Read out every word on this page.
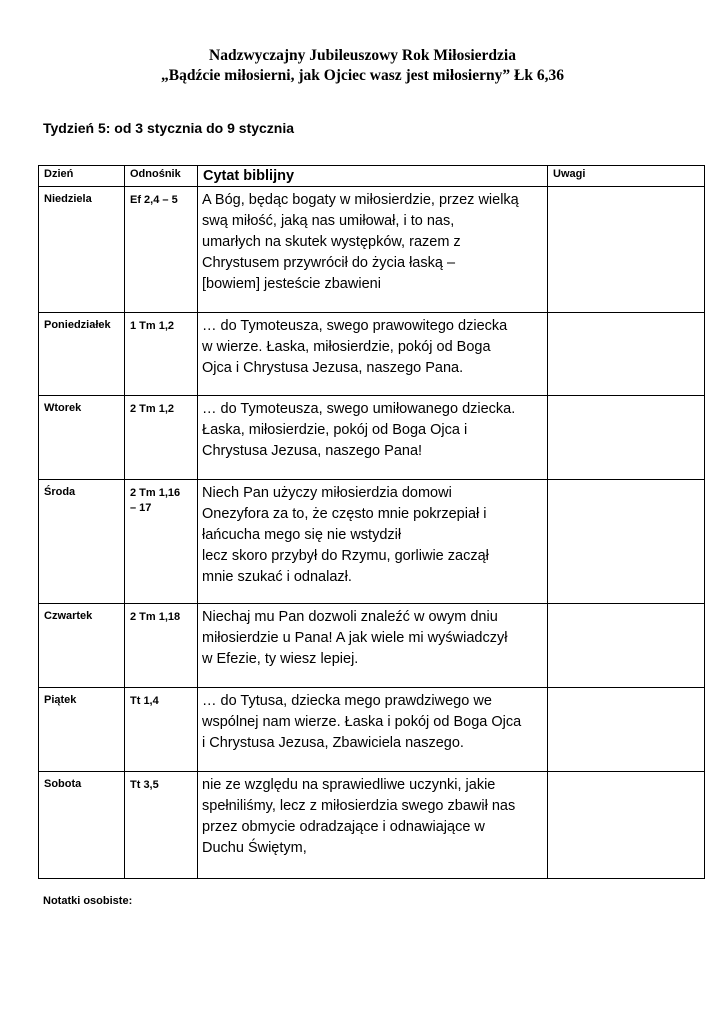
Nadzwyczajny Jubileuszowy Rok Miłosierdzia
„Bądźcie miłosierni, jak Ojciec wasz jest miłosierny” Łk 6,36
Tydzień 5: od 3 stycznia do 9 stycznia
Dzień	Odnośnik	Cytat biblijny	Uwagi
Niedziela	Ef 2,4 – 5	A Bóg, będąc bogaty w miłosierdzie, przez wielką
swą miłość, jaką nas umiłował, i to nas,
umarłych na skutek występków, razem z
Chrystusem przywrócił do życia łaską –
[bowiem] jesteście zbawieni	
Poniedziałek	1 Tm 1,2	… do Tymoteusza, swego prawowitego dziecka
w wierze. Łaska, miłosierdzie, pokój od Boga
Ojca i Chrystusa Jezusa, naszego Pana.	
Wtorek	2 Tm 1,2	… do Tymoteusza, swego umiłowanego dziecka.
Łaska, miłosierdzie, pokój od Boga Ojca i
Chrystusa Jezusa, naszego Pana!	
Środa	2 Tm 1,16
– 17	Niech Pan użyczy miłosierdzia domowi
Onezyfora za to, że często mnie pokrzepiał i
łańcucha mego się nie wstydził
lecz skoro przybył do Rzymu, gorliwie zaczął
mnie szukać i odnalazł.	
Czwartek	2 Tm 1,18	Niechaj mu Pan dozwoli znaleźć w owym dniu
miłosierdzie u Pana! A jak wiele mi wyświadczył
w Efezie, ty wiesz lepiej.	
Piątek	Tt 1,4	… do Tytusa, dziecka mego prawdziwego we
wspólnej nam wierze. Łaska i pokój od Boga Ojca
i Chrystusa Jezusa, Zbawiciela naszego.	
Sobota	Tt 3,5	nie ze względu na sprawiedliwe uczynki, jakie
spełniliśmy, lecz z miłosierdzia swego zbawił nas
przez obmycie odradzające i odnawiające w
Duchu Świętym,	
Notatki osobiste:
